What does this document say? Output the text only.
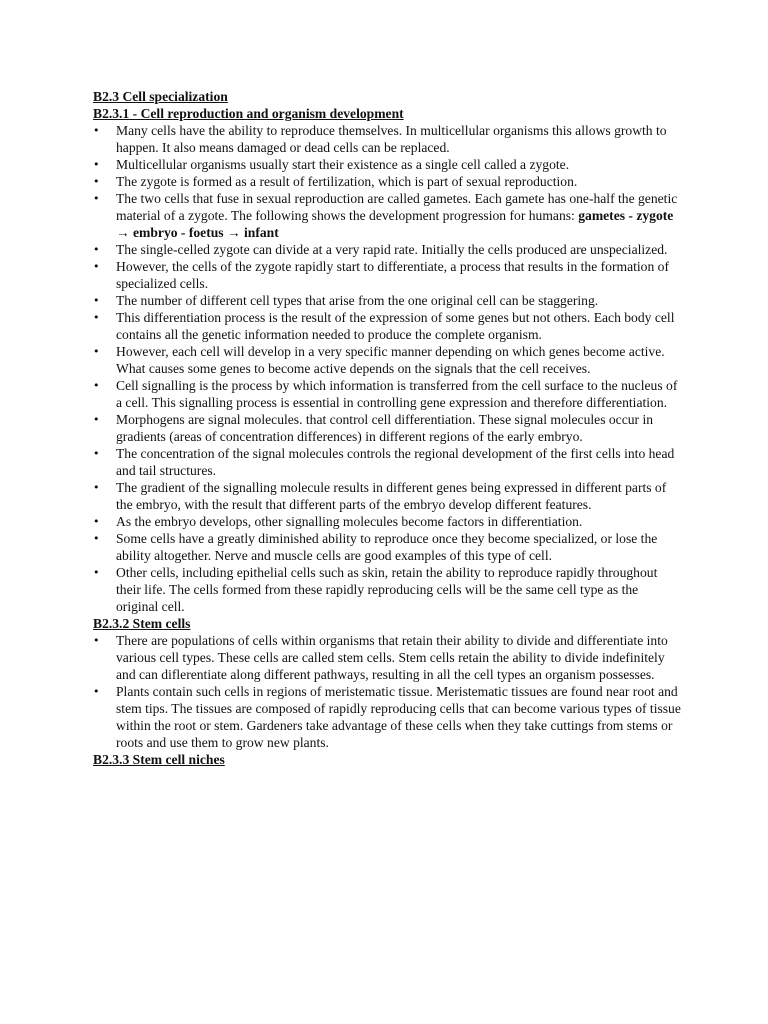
B2.3 Cell specialization
B2.3.1 - Cell reproduction and organism development
• Many cells have the ability to reproduce themselves. In multicellular organisms this allows growth to happen. It also means damaged or dead cells can be replaced.
• Multicellular organisms usually start their existence as a single cell called a zygote.
• The zygote is formed as a result of fertilization, which is part of sexual reproduction.
• The two cells that fuse in sexual reproduction are called gametes. Each gamete has one-half the genetic material of a zygote. The following shows the development progression for humans: gametes - zygote → embryo - foetus → infant
• The single-celled zygote can divide at a very rapid rate. Initially the cells produced are unspecialized.
• However, the cells of the zygote rapidly start to differentiate, a process that results in the formation of specialized cells.
• The number of different cell types that arise from the one original cell can be staggering.
• This differentiation process is the result of the expression of some genes but not others. Each body cell contains all the genetic information needed to produce the complete organism.
• However, each cell will develop in a very specific manner depending on which genes become active. What causes some genes to become active depends on the signals that the cell receives.
• Cell signalling is the process by which information is transferred from the cell surface to the nucleus of a cell. This signalling process is essential in controlling gene expression and therefore differentiation.
• Morphogens are signal molecules. that control cell differentiation. These signal molecules occur in gradients (areas of concentration differences) in different regions of the early embryo.
• The concentration of the signal molecules controls the regional development of the first cells into head and tail structures.
• The gradient of the signalling molecule results in different genes being expressed in different parts of the embryo, with the result that different parts of the embryo develop different features.
• As the embryo develops, other signalling molecules become factors in differentiation.
• Some cells have a greatly diminished ability to reproduce once they become specialized, or lose the ability altogether. Nerve and muscle cells are good examples of this type of cell.
• Other cells, including epithelial cells such as skin, retain the ability to reproduce rapidly throughout their life. The cells formed from these rapidly reproducing cells will be the same cell type as the original cell.
B2.3.2 Stem cells
• There are populations of cells within organisms that retain their ability to divide and differentiate into various cell types. These cells are called stem cells. Stem cells retain the ability to divide indefinitely and can diflerentiate along different pathways, resulting in all the cell types an organism possesses.
• Plants contain such cells in regions of meristematic tissue. Meristematic tissues are found near root and stem tips. The tissues are composed of rapidly reproducing cells that can become various types of tissue within the root or stem. Gardeners take advantage of these cells when they take cuttings from stems or roots and use them to grow new plants.
B2.3.3 Stem cell niches
